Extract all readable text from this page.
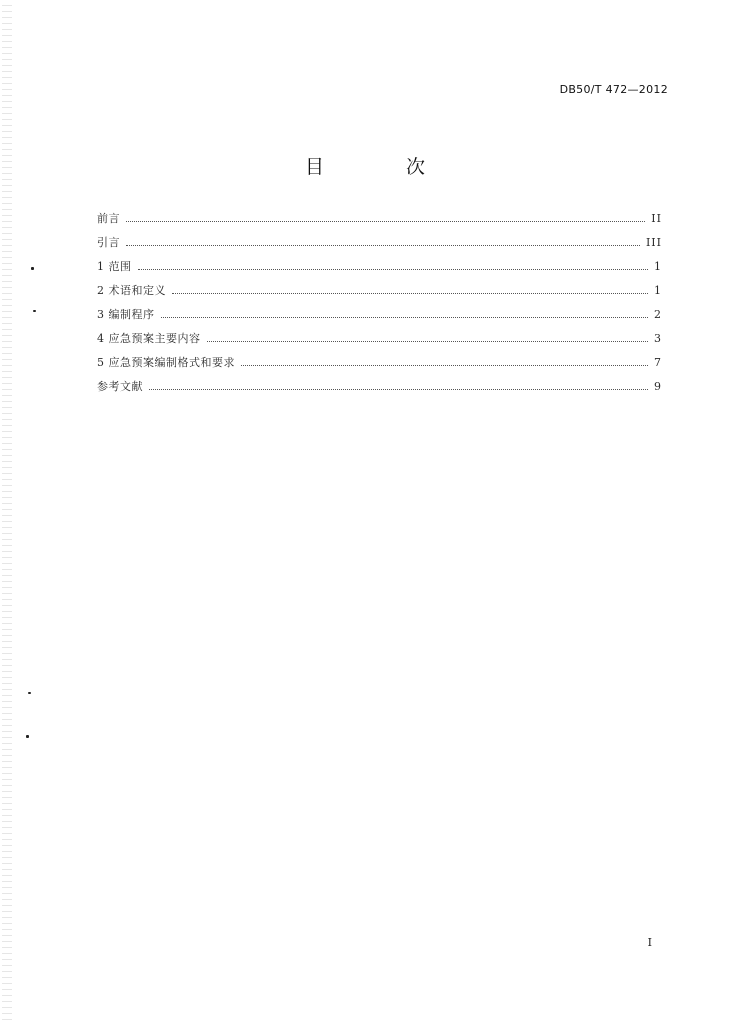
DB50/T 472—2012
目 次
前言	II
引言	III
1 范围	1
2 术语和定义	1
3 编制程序	2
4 应急预案主要内容	3
5 应急预案编制格式和要求	7
参考文献	9
I
